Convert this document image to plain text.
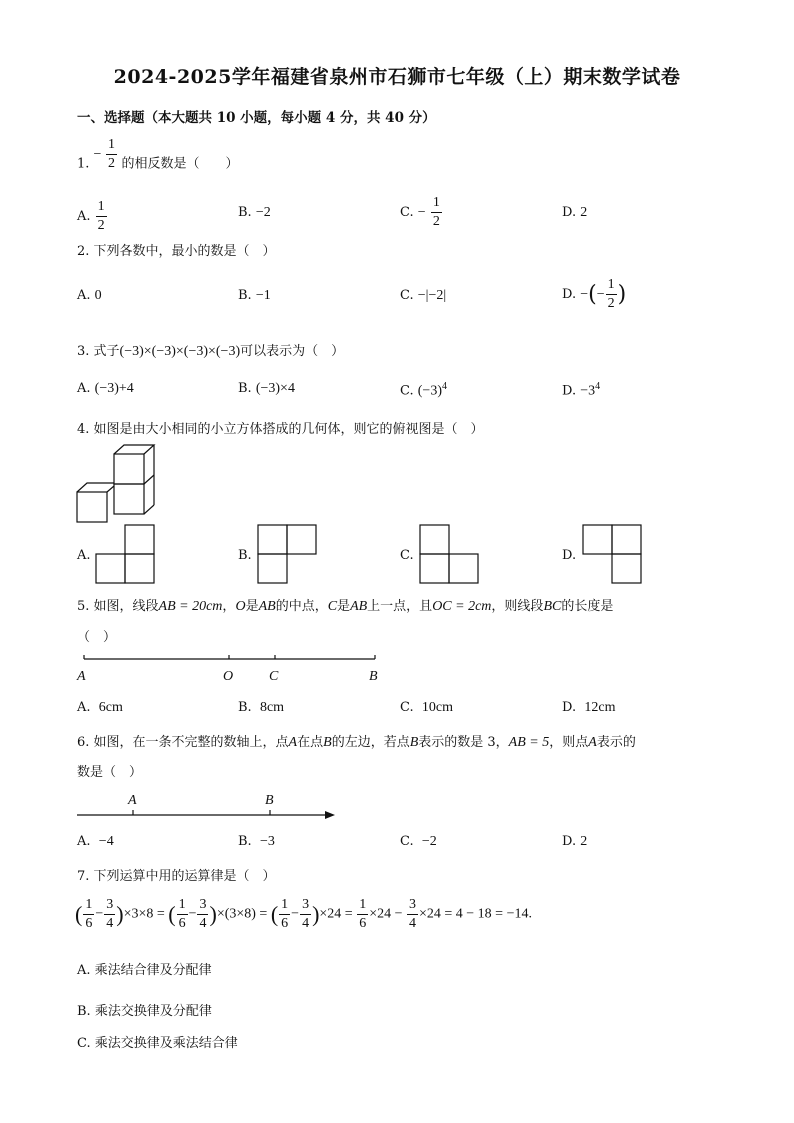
2024-2025学年福建省泉州市石狮市七年级（上）期末数学试卷
一、选择题（本大题共 10 小题，每小题 4 分，共 40 分）
1. − $\frac{1}{2}$ 的相反数是（　　）
A. $\frac{1}{2}$	B. −2	C. − $\frac{1}{2}$	D. 2
2. 下列各数中，最小的数是（　）
A. 0	B. −1	C. −|−2|	D. −(− $\frac{1}{2}$ )
3. 式子(−3)×(−3)×(−3)×(−3)可以表示为（　）
A. (−3)+4	B. (−3)×4	C. $(-3)^4$	D. $-3^4$
4. 如图是由大小相同的小立方体搭成的几何体，则它的俯视图是（　）
A.	B.	C.	D.
5. 如图，线段AB = 20cm，O是AB的中点，C是AB上一点，且OC = 2cm，则线段BC的长度是
（　）
A	O	C	B
A. 6cm	B. 8cm	C. 10cm	D. 12cm
6. 如图，在一条不完整的数轴上，点A在点B的左边，若点B表示的数是 3，AB = 5，则点A表示的
数是（　）
A	B
A. −4	B. −3	C. −2	D. 2
7. 下列运算中用的运算律是（　）
( $\frac{1}{6} - \frac{3}{4} )\times 3\times 8$ = ( $\frac{1}{6} - \frac{3}{4} )\times(3\times 8)$ = ( $\frac{1}{6} - \frac{3}{4} )\times 24 = \frac{1}{6} \times 24 - \frac{3}{4} \times 24 = 4 - 18 = -14$.
A. 乘法结合律及分配律
B. 乘法交换律及分配律
C. 乘法交换律及乘法结合律
